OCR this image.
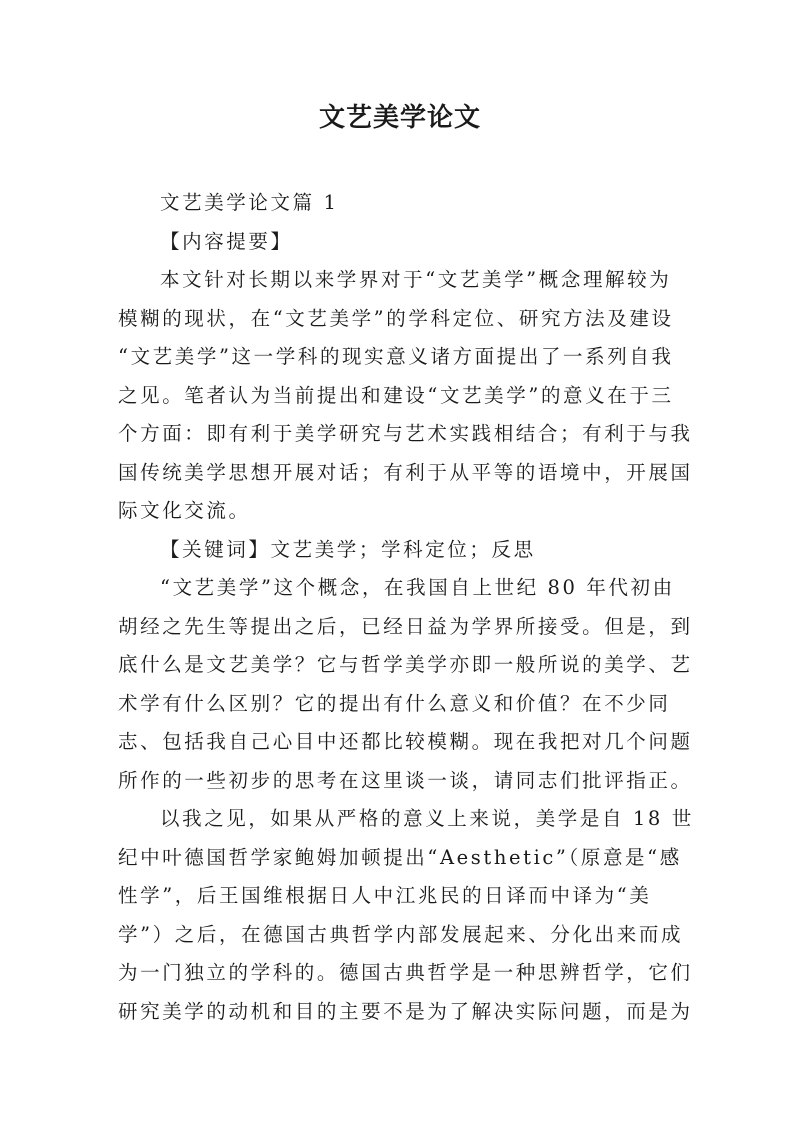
文艺美学论文

文艺美学论文篇 1

【内容提要】

本文针对长期以来学界对于“文艺美学”概念理解较为

模糊的现状，在“文艺美学”的学科定位、研究方法及建设

“文艺美学”这一学科的现实意义诸方面提出了一系列自我

之见。笔者认为当前提出和建设“文艺美学”的意义在于三

个方面：即有利于美学研究与艺术实践相结合；有利于与我

国传统美学思想开展对话；有利于从平等的语境中，开展国

际文化交流。

【关键词】文艺美学；学科定位；反思

“文艺美学”这个概念，在我国自上世纪 80 年代初由

胡经之先生等提出之后，已经日益为学界所接受。但是，到

底什么是文艺美学？它与哲学美学亦即一般所说的美学、艺

术学有什么区别？它的提出有什么意义和价值？在不少同

志、包括我自己心目中还都比较模糊。现在我把对几个问题

所作的一些初步的思考在这里谈一谈，请同志们批评指正。

以我之见，如果从严格的意义上来说，美学是自 18 世

纪中叶德国哲学家鲍姆加顿提出“Aesthetic”（原意是“感

性学”，后王国维根据日人中江兆民的日译而中译为“美

学”）之后，在德国古典哲学内部发展起来、分化出来而成

为一门独立的学科的。德国古典哲学是一种思辨哲学，它们

研究美学的动机和目的主要不是为了解决实际问题，而是为
